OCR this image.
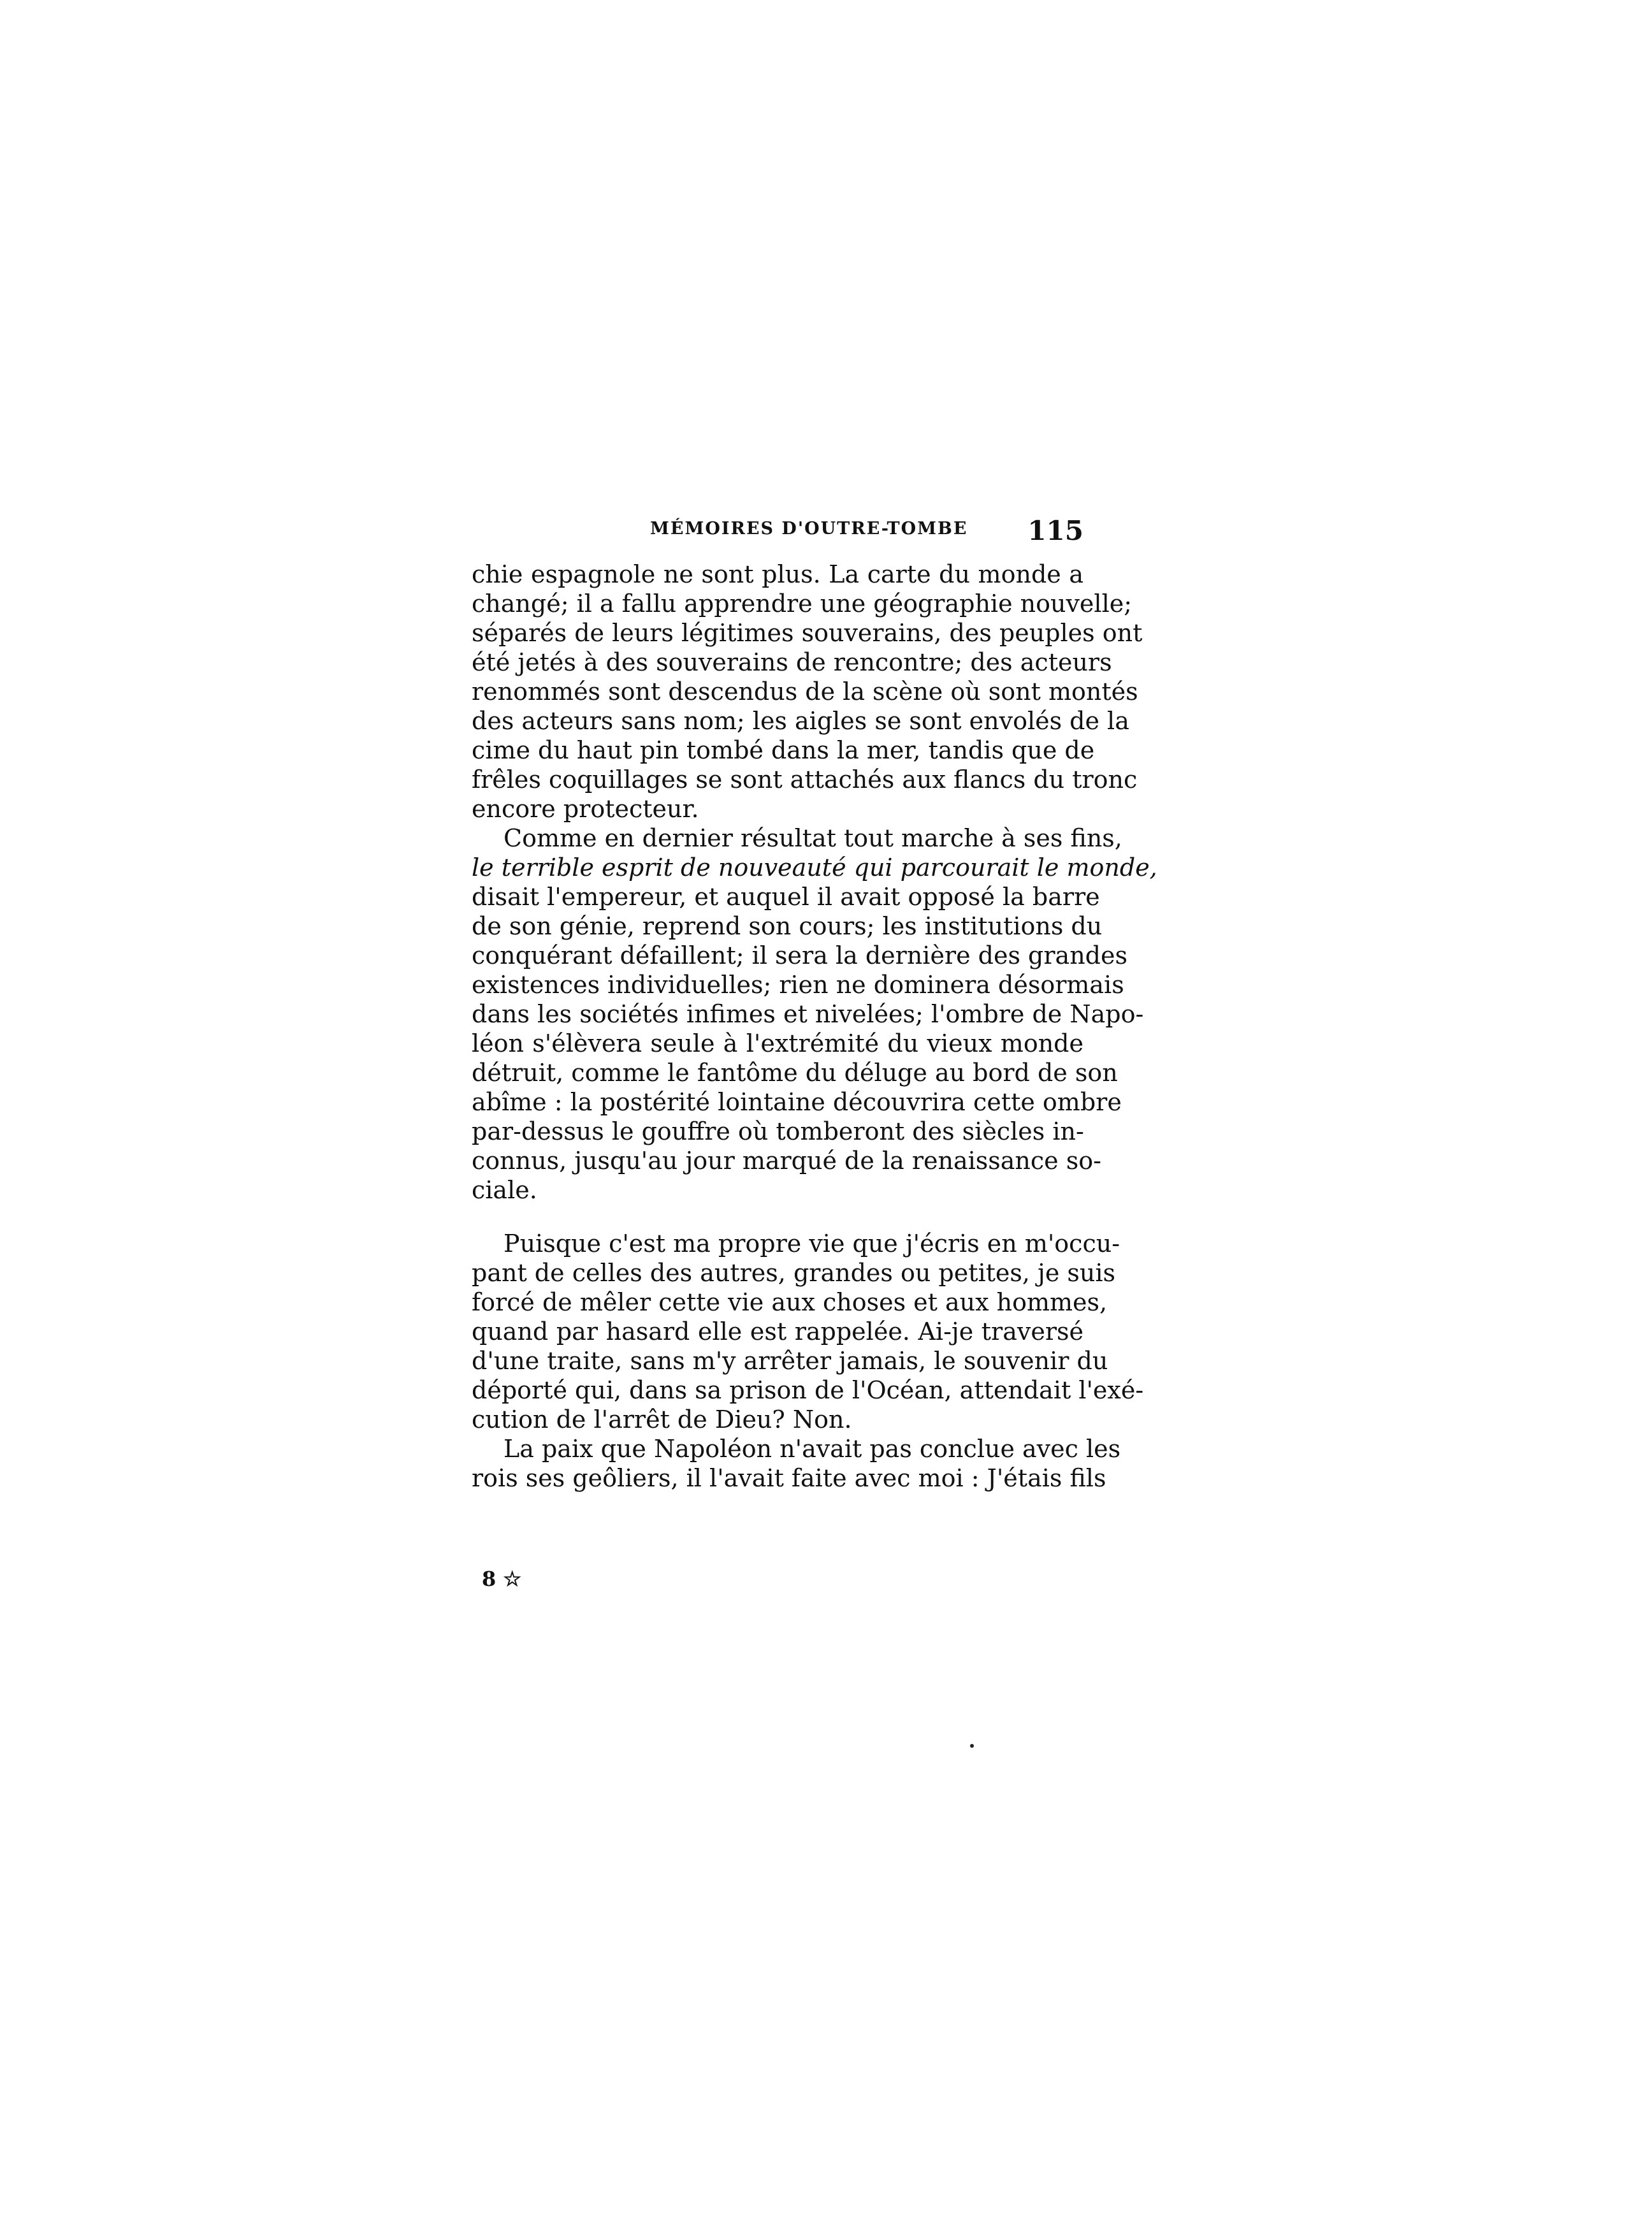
MÉMOIRES D'OUTRE-TOMBE 115
chie espagnole ne sont plus. La carte du monde a
changé; il a fallu apprendre une géographie nouvelle;
séparés de leurs légitimes souverains, des peuples ont
été jetés à des souverains de rencontre; des acteurs
renommés sont descendus de la scène où sont montés
des acteurs sans nom; les aigles se sont envolés de la
cime du haut pin tombé dans la mer, tandis que de
frêles coquillages se sont attachés aux flancs du tronc
encore protecteur.
Comme en dernier résultat tout marche à ses fins,
le terrible esprit de nouveauté qui parcourait le monde,
disait l'empereur, et auquel il avait opposé la barre
de son génie, reprend son cours; les institutions du
conquérant défaillent; il sera la dernière des grandes
existences individuelles; rien ne dominera désormais
dans les sociétés infimes et nivelées; l'ombre de Napo-
léon s'élèvera seule à l'extrémité du vieux monde
détruit, comme le fantôme du déluge au bord de son
abîme : la postérité lointaine découvrira cette ombre
par-dessus le gouffre où tomberont des siècles in-
connus, jusqu'au jour marqué de la renaissance so-
ciale.
Puisque c'est ma propre vie que j'écris en m'occu-
pant de celles des autres, grandes ou petites, je suis
forcé de mêler cette vie aux choses et aux hommes,
quand par hasard elle est rappelée. Ai-je traversé
d'une traite, sans m'y arrêter jamais, le souvenir du
déporté qui, dans sa prison de l'Océan, attendait l'exé-
cution de l'arrêt de Dieu? Non.
La paix que Napoléon n'avait pas conclue avec les
rois ses geôliers, il l'avait faite avec moi : J'étais fils
8 ☆
